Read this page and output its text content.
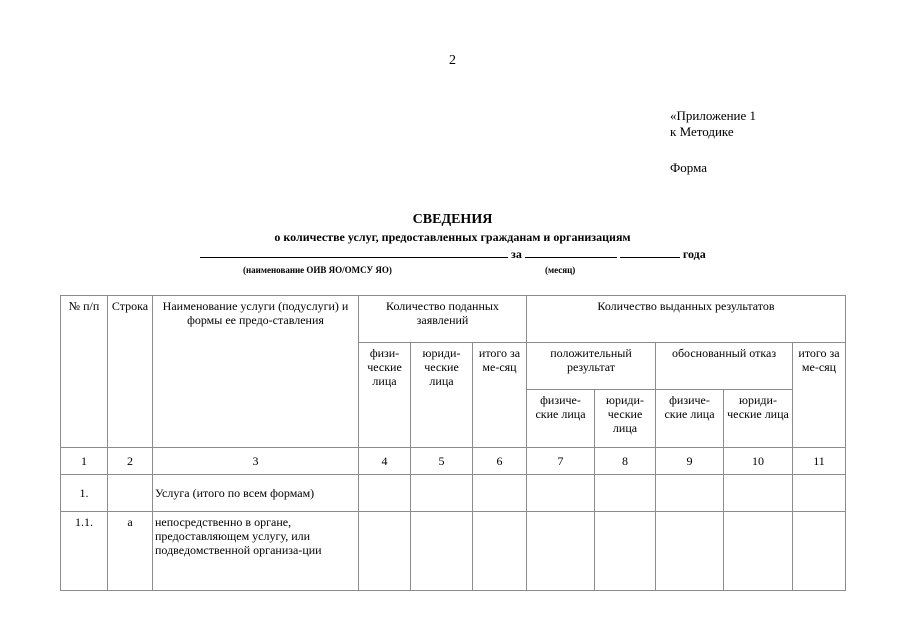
2
«Приложение 1
к Методике
Форма
СВЕДЕНИЯ
о количестве услуг, предоставленных гражданам и организациям
за	года
(наименование ОИВ ЯО/ОМСУ ЯО)	(месяц)
№ п/п	Строка	Наименование услуги (подуслуги) и формы ее предо-ставления	Количество поданных заявлений			Количество выданных результатов				
			физи-ческие лица	юриди-ческие лица	итого за ме-сяц	положительный результат		обоснованный отказ		итого за ме-сяц
						физиче-ские лица	юриди-ческие лица	физиче-ские лица	юриди-ческие лица	
1	2	3	4	5	6	7	8	9	10	11
1.		Услуга (итого по всем формам)								
1.1.	а	непосредственно в органе, предоставляющем услугу, или подведомственной организа-ции								
